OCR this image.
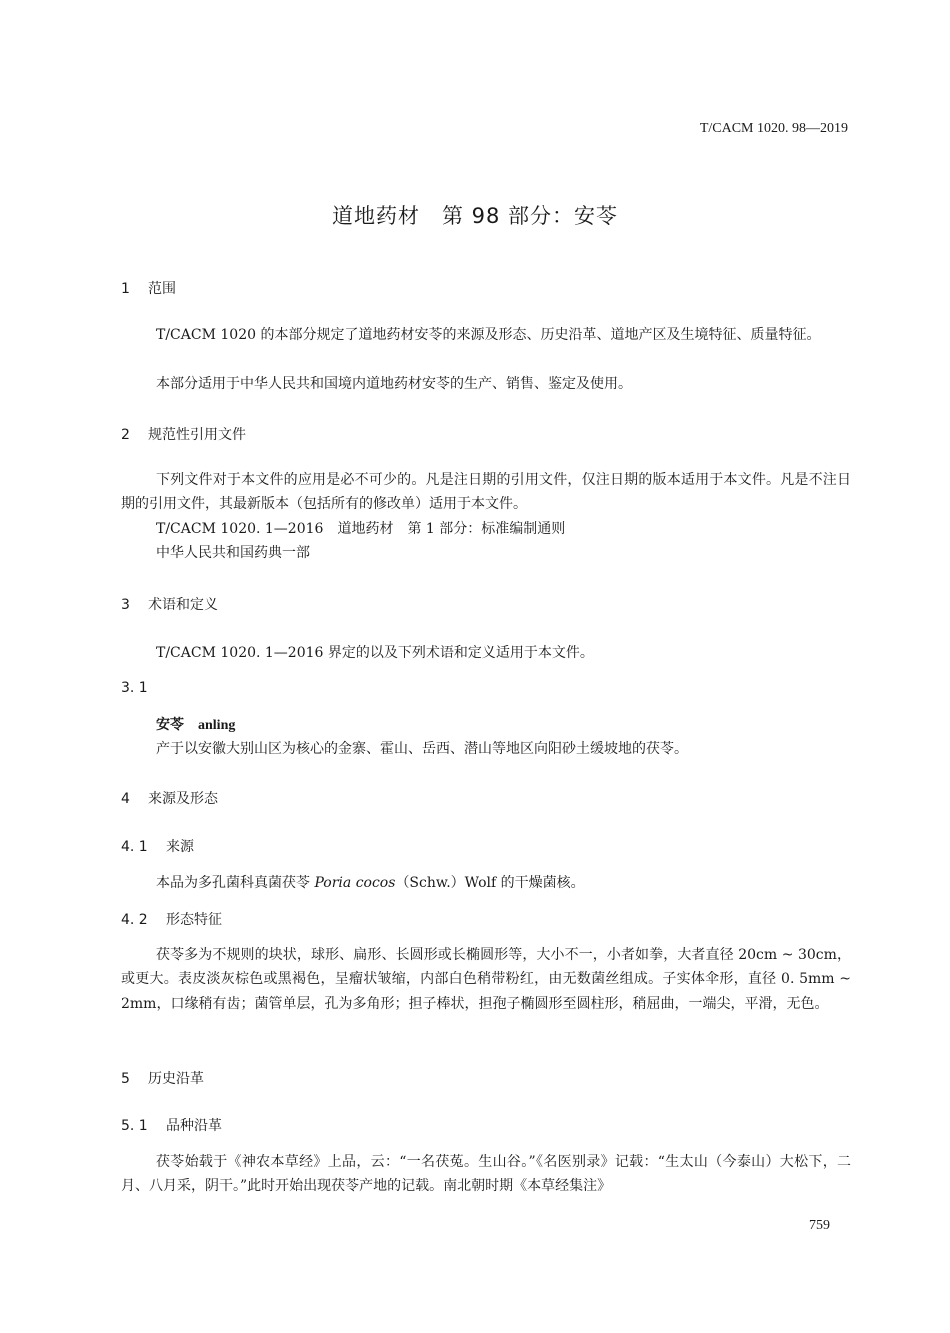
T/CACM 1020. 98—2019
道地药材　第 98 部分：安苓
1 范围
T/CACM 1020 的本部分规定了道地药材安苓的来源及形态、历史沿革、道地产区及生境特征、质量特征。
本部分适用于中华人民共和国境内道地药材安苓的生产、销售、鉴定及使用。
2 规范性引用文件
下列文件对于本文件的应用是必不可少的。凡是注日期的引用文件，仅注日期的版本适用于本文件。凡是不注日期的引用文件，其最新版本（包括所有的修改单）适用于本文件。
T/CACM 1020. 1—2016　道地药材　第 1 部分：标准编制通则
中华人民共和国药典一部
3 术语和定义
T/CACM 1020. 1—2016 界定的以及下列术语和定义适用于本文件。
3. 1
安苓 anling
产于以安徽大别山区为核心的金寨、霍山、岳西、潜山等地区向阳砂土缓坡地的茯苓。
4 来源及形态
4. 1 来源
本品为多孔菌科真菌茯苓 Poria cocos（Schw.）Wolf 的干燥菌核。
4. 2 形态特征
茯苓多为不规则的块状，球形、扁形、长圆形或长椭圆形等，大小不一，小者如拳，大者直径 20cm ~ 30cm，或更大。表皮淡灰棕色或黑褐色，呈瘤状皱缩，内部白色稍带粉红，由无数菌丝组成。子实体伞形，直径 0. 5mm ~ 2mm，口缘稍有齿；菌管单层，孔为多角形；担子棒状，担孢子椭圆形至圆柱形，稍屈曲，一端尖，平滑，无色。
5 历史沿革
5. 1 品种沿革
茯苓始载于《神农本草经》上品，云：“一名茯菟。生山谷。”《名医别录》记载：“生太山（今泰山）大松下，二月、八月采，阴干。”此时开始出现茯苓产地的记载。南北朝时期《本草经集注》
759
